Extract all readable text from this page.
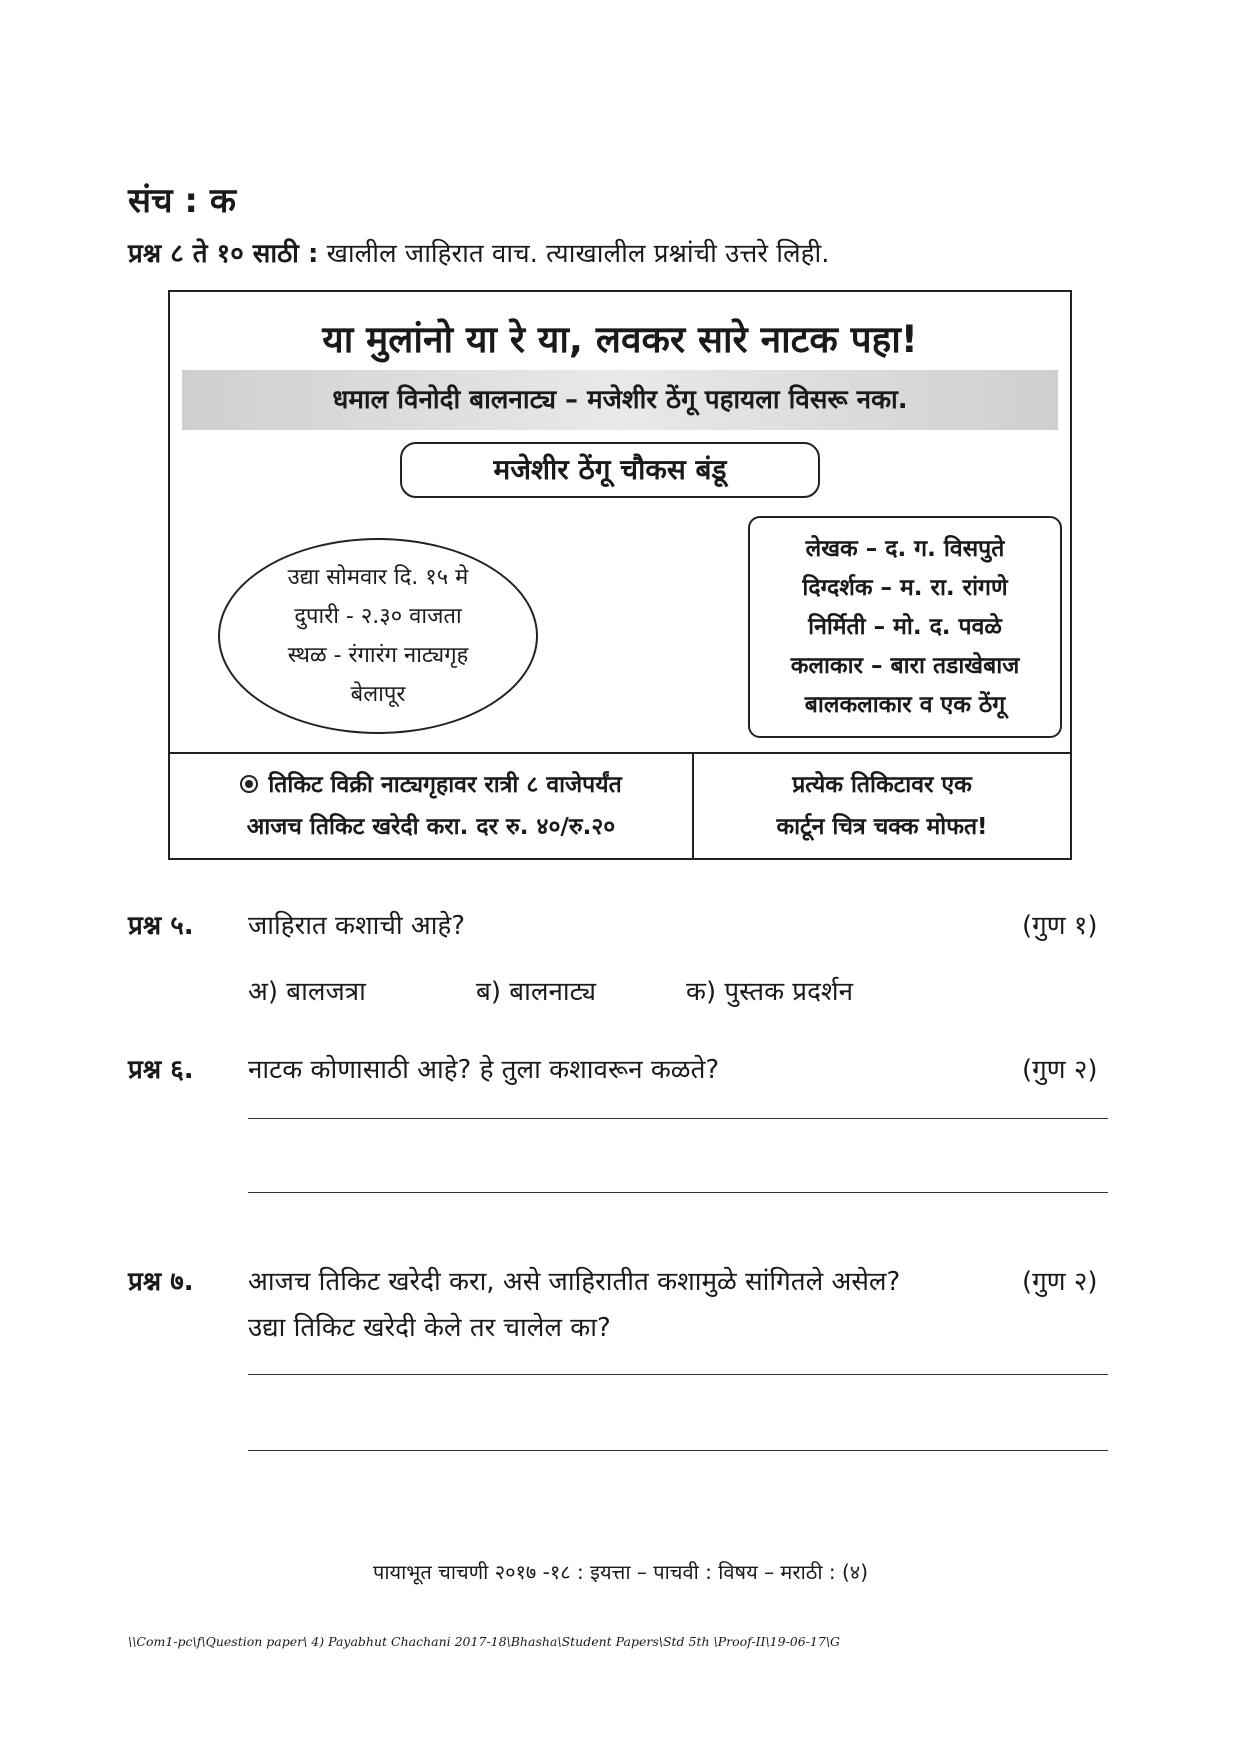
संच : क
प्रश्न ८ ते १० साठी : खालील जाहिरात वाच. त्याखालील प्रश्नांची उत्तरे लिही.
या मुलांनो या रे या, लवकर सारे नाटक पहा!
धमाल विनोदी बालनाट्य – मजेशीर ठेंगू पहायला विसरू नका.
मजेशीर ठेंगू चौकस बंडू
उद्या सोमवार दि. १५ मे
दुपारी - २.३० वाजता
स्थळ - रंगारंग नाट्यगृह
बेलापूर
लेखक – द. ग. विसपुते
दिग्दर्शक – म. रा. रांगणे
निर्मिती – मो. द. पवळे
कलाकार – बारा तडाखेबाज
बालकलाकार व एक ठेंगू
तिकिट विक्री नाट्यगृहावर रात्री ८ वाजेपर्यंत
आजच तिकिट खरेदी करा. दर रु. ४०/रु.२०
प्रत्येक तिकिटावर एक
कार्टून चित्र चक्क मोफत!
प्रश्न ५. जाहिरात कशाची आहे?	(गुण १)
अ) बालजत्रा	ब) बालनाट्य	क) पुस्तक प्रदर्शन
प्रश्न ६. नाटक कोणासाठी आहे? हे तुला कशावरून कळते?	(गुण २)
प्रश्न ७. आजच तिकिट खरेदी करा, असे जाहिरातीत कशामुळे सांगितले असेल?
उद्या तिकिट खरेदी केले तर चालेल का?
(गुण २)
पायाभूत चाचणी २०१७ -१८ : इयत्ता – पाचवी : विषय – मराठी : (४)
\\Com1-pc\f\Question paper\ 4) Payabhut Chachani 2017-18\Bhasha\Student Papers\Std 5th \Proof-II\19-06-17\G
